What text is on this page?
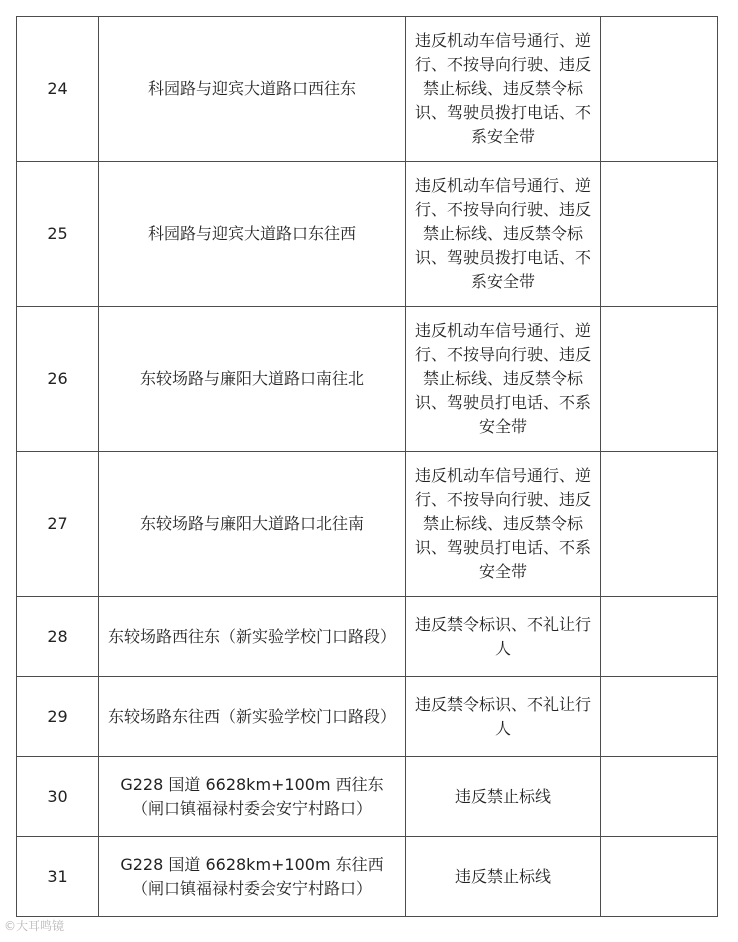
24	科园路与迎宾大道路口西往东	违反机动车信号通行、逆行、不按导向行驶、违反禁止标线、违反禁令标识、驾驶员拨打电话、不系安全带	
25	科园路与迎宾大道路口东往西	违反机动车信号通行、逆行、不按导向行驶、违反禁止标线、违反禁令标识、驾驶员拨打电话、不系安全带	
26	东较场路与廉阳大道路口南往北	违反机动车信号通行、逆行、不按导向行驶、违反禁止标线、违反禁令标识、驾驶员打电话、不系安全带	
27	东较场路与廉阳大道路口北往南	违反机动车信号通行、逆行、不按导向行驶、违反禁止标线、违反禁令标识、驾驶员打电话、不系安全带	
28	东较场路西往东（新实验学校门口路段）	违反禁令标识、不礼让行人	
29	东较场路东往西（新实验学校门口路段）	违反禁令标识、不礼让行人	
30	G228 国道 6628km+100m 西往东（闸口镇福禄村委会安宁村路口）	违反禁止标线	
31	G228 国道 6628km+100m 东往西（闸口镇福禄村委会安宁村路口）	违反禁止标线	
©大耳鸣镜
